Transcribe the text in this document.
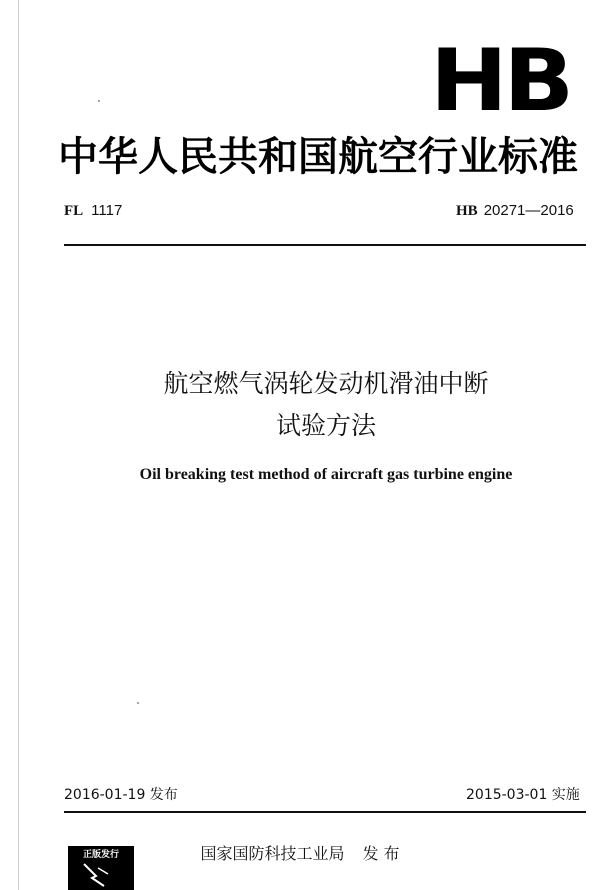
HB
中华人民共和国航空行业标准
FL 1117	HB 20271—2016
航空燃气涡轮发动机滑油中断
试验方法
Oil breaking test method of aircraft gas turbine engine
2016-01-19 发布	2015-03-01 实施
国家国防科技工业局 发 布
正版发行
